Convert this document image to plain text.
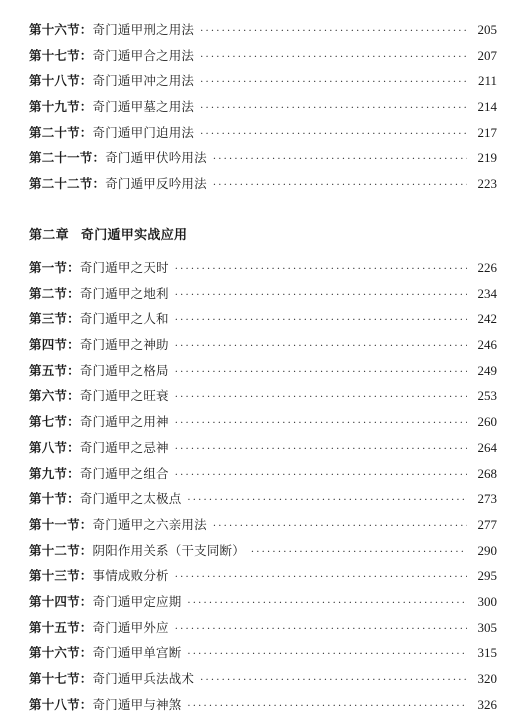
第十六节：奇门遁甲刑之用法 ·····	205
第十七节：奇门遁甲合之用法 ·····	207
第十八节：奇门遁甲冲之用法 ·····	211
第十九节：奇门遁甲墓之用法 ·····	214
第二十节：奇门遁甲门迫用法 ·····	217
第二十一节：奇门遁甲伏吟用法 ·····	219
第二十二节：奇门遁甲反吟用法 ·····	223
第二章 奇门遁甲实战应用
第一节：奇门遁甲之天时 ·····	226
第二节：奇门遁甲之地利 ·····	234
第三节：奇门遁甲之人和 ·····	242
第四节：奇门遁甲之神助 ·····	246
第五节：奇门遁甲之格局 ·····	249
第六节：奇门遁甲之旺衰 ·····	253
第七节：奇门遁甲之用神 ·····	260
第八节：奇门遁甲之忌神 ·····	264
第九节：奇门遁甲之组合 ·····	268
第十节：奇门遁甲之太极点 ·····	273
第十一节：奇门遁甲之六亲用法 ·····	277
第十二节：阴阳作用关系（干支同断） ·····	290
第十三节：事情成败分析 ·····	295
第十四节：奇门遁甲定应期 ·····	300
第十五节：奇门遁甲外应 ·····	305
第十六节：奇门遁甲单宫断 ·····	315
第十七节：奇门遁甲兵法战术 ·····	320
第十八节：奇门遁甲与神煞 ·····	326
